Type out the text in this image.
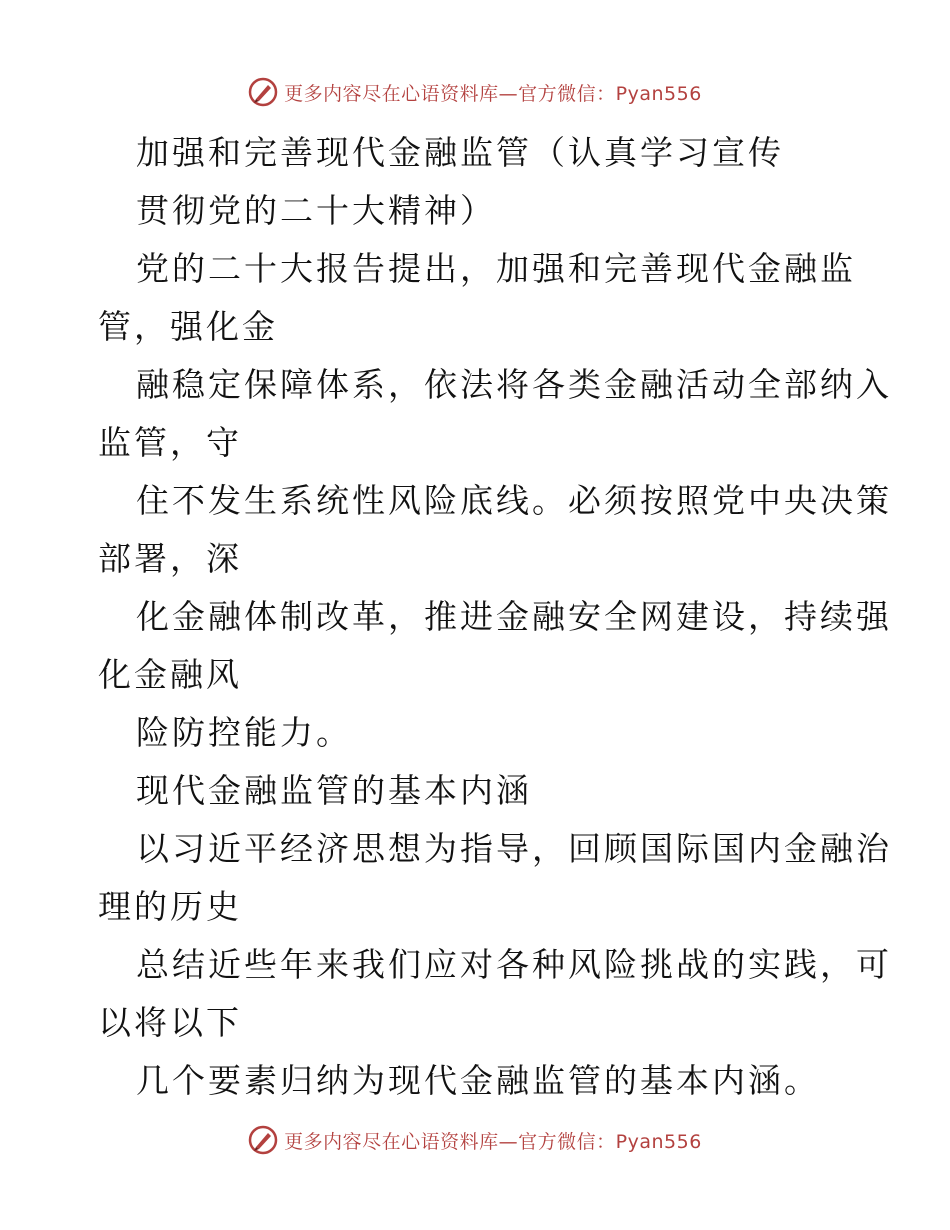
更多内容尽在心语资料库—官方微信：Pyan556
加强和完善现代金融监管（认真学习宣传
贯彻党的二十大精神）
党的二十大报告提出，加强和完善现代金融监
管，强化金
融稳定保障体系，依法将各类金融活动全部纳入
监管，守
住不发生系统性风险底线。必须按照党中央决策
部署，深
化金融体制改革，推进金融安全网建设，持续强
化金融风
险防控能力。
现代金融监管的基本内涵
以习近平经济思想为指导，回顾国际国内金融治
理的历史
总结近些年来我们应对各种风险挑战的实践，可
以将以下
几个要素归纳为现代金融监管的基本内涵。
更多内容尽在心语资料库—官方微信：Pyan556
